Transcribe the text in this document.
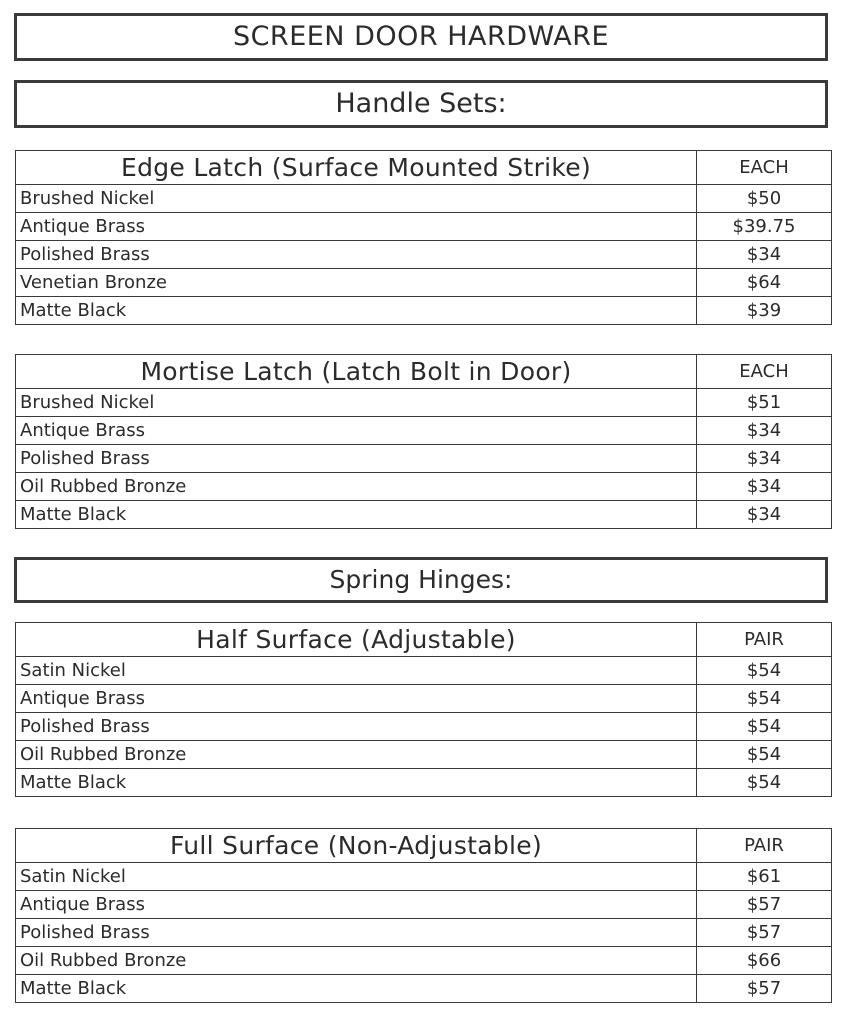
SCREEN DOOR HARDWARE
Handle Sets:
Edge Latch (Surface Mounted Strike)	EACH
Brushed Nickel	$50
Antique Brass	$39.75
Polished Brass	$34
Venetian Bronze	$64
Matte Black	$39
Mortise Latch (Latch Bolt in Door)	EACH
Brushed Nickel	$51
Antique Brass	$34
Polished Brass	$34
Oil Rubbed Bronze	$34
Matte Black	$34
Spring Hinges:
Half Surface (Adjustable)	PAIR
Satin Nickel	$54
Antique Brass	$54
Polished Brass	$54
Oil Rubbed Bronze	$54
Matte Black	$54
Full Surface (Non-Adjustable)	PAIR
Satin Nickel	$61
Antique Brass	$57
Polished Brass	$57
Oil Rubbed Bronze	$66
Matte Black	$57
